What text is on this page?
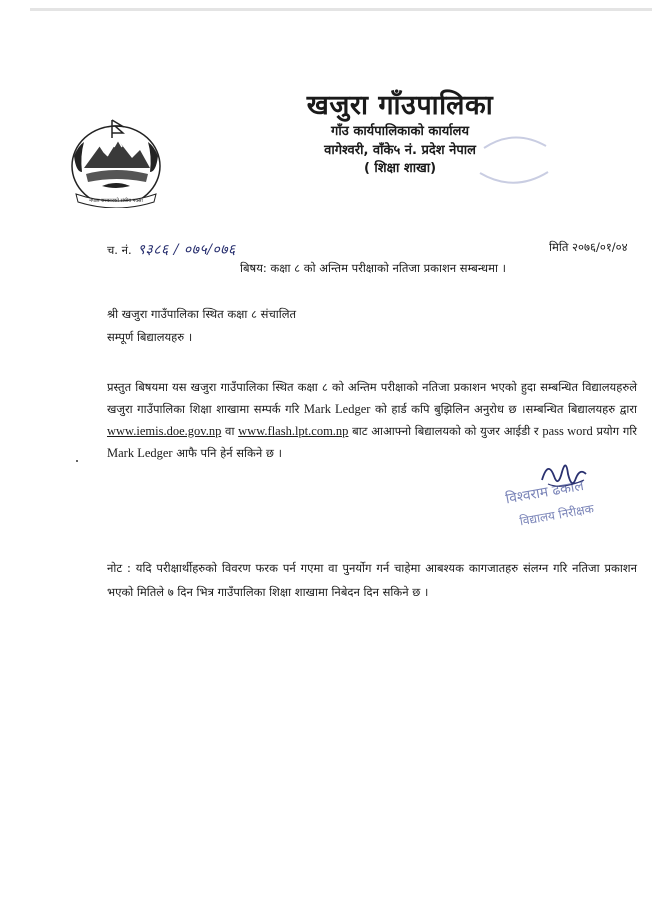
नेपाल सरकारको संघीय नक्सा
खजुरा गाँउपालिका
गाँउ कार्यपालिकाको कार्यालय
वागेश्वरी, वाँके५ नं. प्रदेश नेपाल
( शिक्षा शाखा)
च. नं. ९३८६ / ०७५/०७६	मिति २०७६/०१/०४
बिषय: कक्षा ८ को अन्तिम परीक्षाको नतिजा प्रकाशन सम्बन्धमा ।
श्री खजुरा गाउँपालिका स्थित कक्षा ८ संचालित
सम्पूर्ण बिद्यालयहरु ।
प्रस्तुत बिषयमा यस खजुरा गाउँपालिका स्थित कक्षा ८ को अन्तिम परीक्षाको नतिजा प्रकाशन भएको हुदा सम्बन्धित विद्यालयहरुले खजुरा गाउँपालिका शिक्षा शाखामा सम्पर्क गरि Mark Ledger को हार्ड कपि बुझिलिन अनुरोध छ ।सम्बन्धित बिद्यालयहरु द्वारा www.iemis.doe.gov.np वा www.flash.lpt.com.np बाट आआफ्नो बिद्यालयको को युजर आईडी र pass word प्रयोग गरि Mark Ledger आफै पनि हेर्न सकिने छ ।
विश्वराम ढकाल
विद्यालय निरीक्षक
नोट : यदि परीक्षार्थीहरुको विवरण फरक पर्न गएमा वा पुनर्योग गर्न चाहेमा आबश्यक कागजातहरु संलग्न गरि नतिजा प्रकाशन भएको मितिले ७ दिन भित्र गाउँपालिका शिक्षा शाखामा निबेदन दिन सकिने छ ।
